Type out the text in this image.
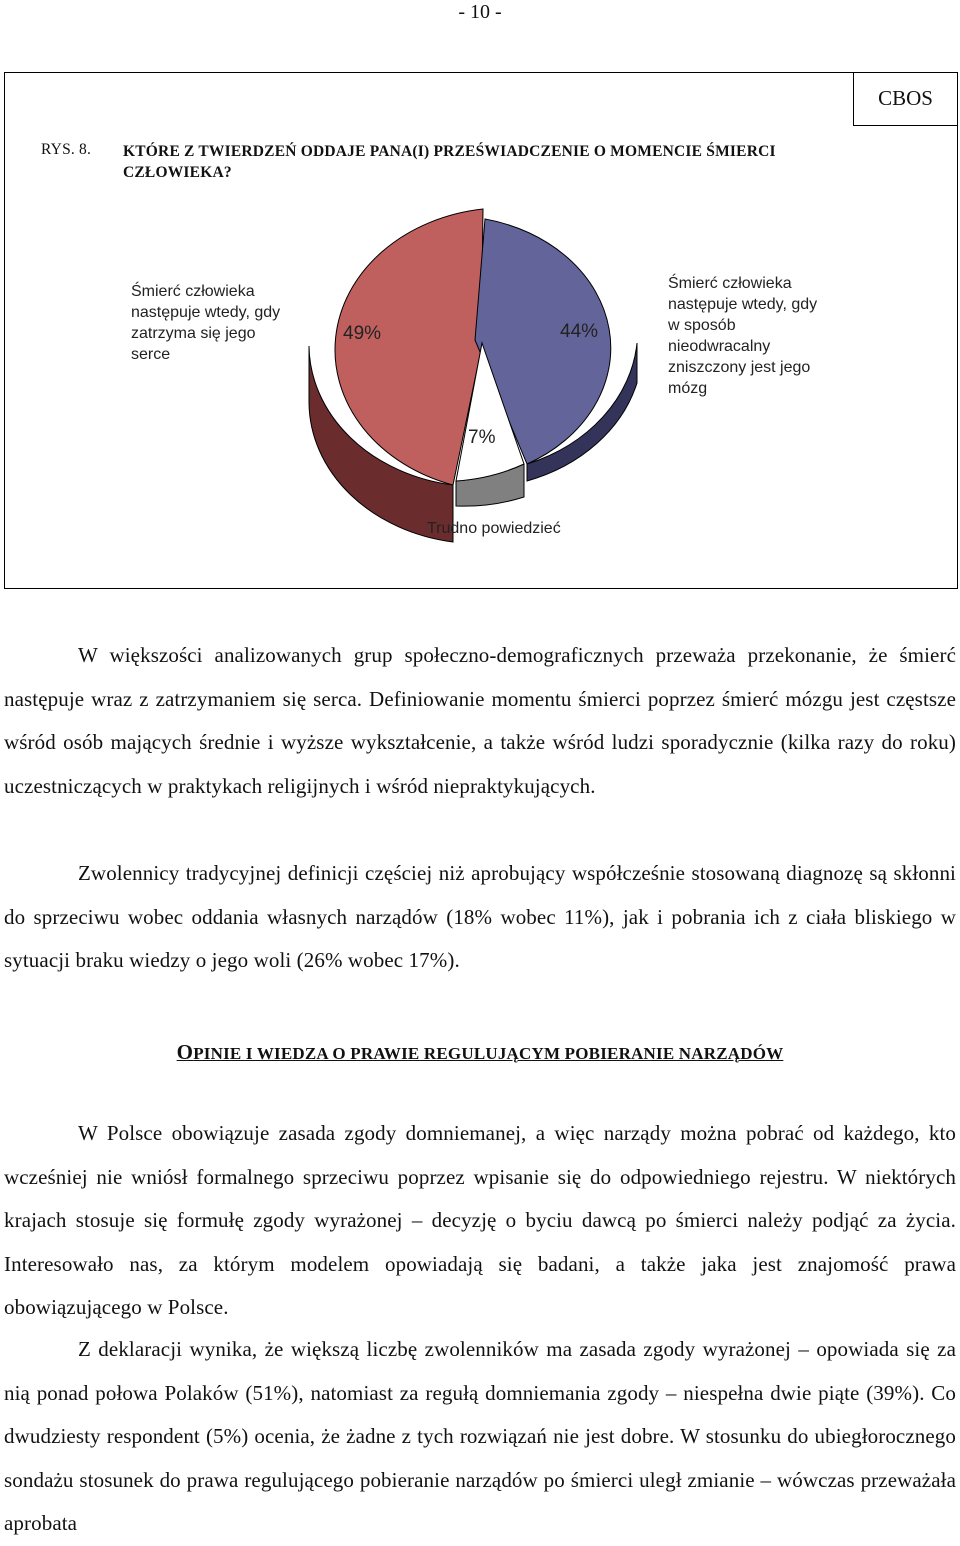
- 10 -
CBOS
RYS. 8. KTÓRE Z TWIERDZEŃ ODDAJE PANA(I) PRZEŚWIADCZENIE O MOMENCIE ŚMIERCI CZŁOWIEKA?
Śmierć człowieka następuje wtedy, gdy zatrzyma się jego serce
Śmierć człowieka następuje wtedy, gdy w sposób nieodwracalny zniszczony jest jego mózg
Trudno powiedzieć
49%	44%
7%

W większości analizowanych grup społeczno-demograficznych przeważa przekonanie, że śmierć następuje wraz z zatrzymaniem się serca. Definiowanie momentu śmierci poprzez śmierć mózgu jest częstsze wśród osób mających średnie i wyższe wykształcenie, a także wśród ludzi sporadycznie (kilka razy do roku) uczestniczących w praktykach religijnych i wśród niepraktykujących.

Zwolennicy tradycyjnej definicji częściej niż aprobujący współcześnie stosowaną diagnozę są skłonni do sprzeciwu wobec oddania własnych narządów (18% wobec 11%), jak i pobrania ich z ciała bliskiego w sytuacji braku wiedzy o jego woli (26% wobec 17%).

OPINIE I WIEDZA O PRAWIE REGULUJĄCYM POBIERANIE NARZĄDÓW

W Polsce obowiązuje zasada zgody domniemanej, a więc narządy można pobrać od każdego, kto wcześniej nie wniósł formalnego sprzeciwu poprzez wpisanie się do odpowiedniego rejestru. W niektórych krajach stosuje się formułę zgody wyrażonej – decyzję o byciu dawcą po śmierci należy podjąć za życia. Interesowało nas, za którym modelem opowiadają się badani, a także jaka jest znajomość prawa obowiązującego w Polsce.

Z deklaracji wynika, że większą liczbę zwolenników ma zasada zgody wyrażonej – opowiada się za nią ponad połowa Polaków (51%), natomiast za regułą domniemania zgody – niespełna dwie piąte (39%). Co dwudziesty respondent (5%) ocenia, że żadne z tych rozwiązań nie jest dobre. W stosunku do ubiegłorocznego sondażu stosunek do prawa regulującego pobieranie narządów po śmierci uległ zmianie – wówczas przeważała aprobata
